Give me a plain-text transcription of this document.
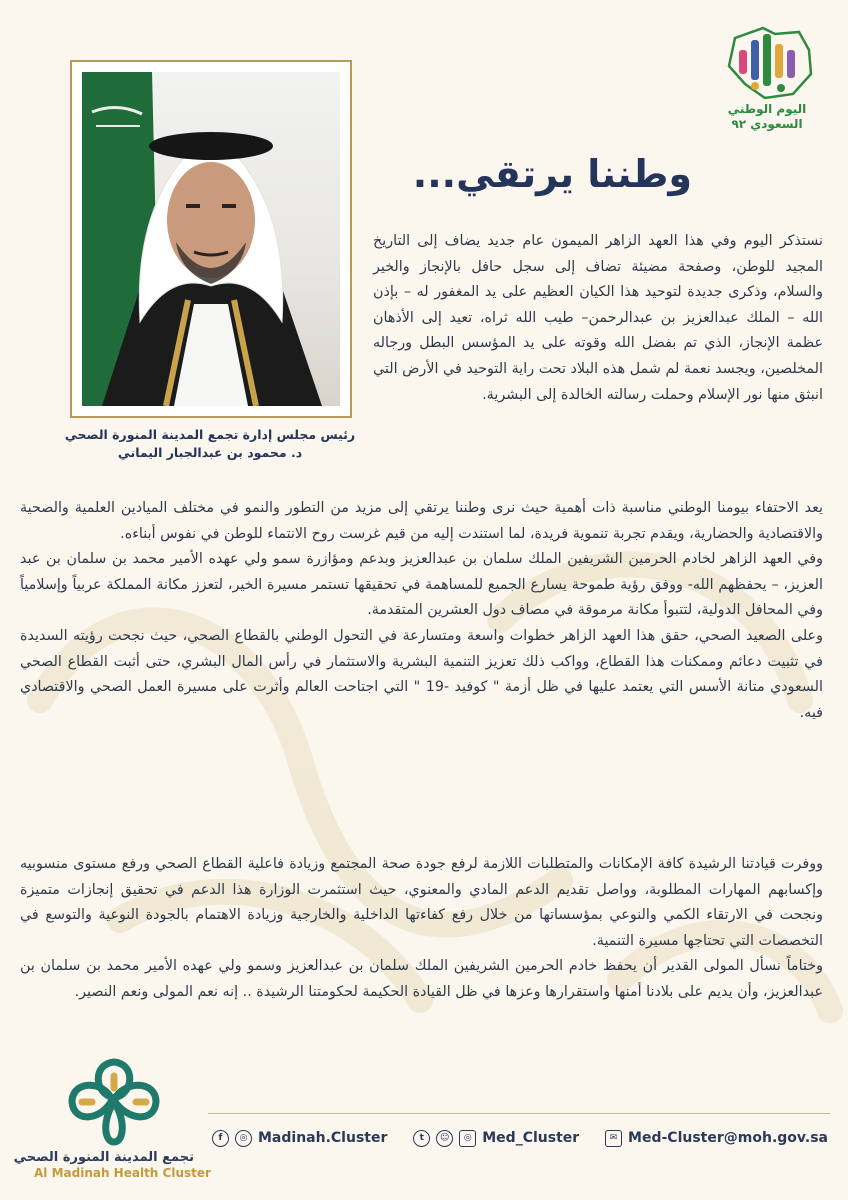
اليوم الوطني
السعودي ٩٢
وطننا يرتقي...
رئيس مجلس إدارة تجمع المدينة المنورة الصحي
د. محمود بن عبدالجبار اليماني
نستذكر اليوم وفي هذا العهد الزاهر الميمون عام جديد يضاف إلى التاريخ المجيد للوطن، وصفحة مضيئة تضاف إلى سجل حافل بالإنجاز والخير والسلام، وذكرى جديدة لتوحيد هذا الكيان العظيم على يد المغفور له – بإذن الله – الملك عبدالعزيز بن عبدالرحمن– طيب الله ثراه، تعيد إلى الأذهان عظمة الإنجاز، الذي تم بفضل الله وقوته على يد المؤسس البطل ورجاله المخلصين، ويجسد نعمة لم شمل هذه البلاد تحت راية التوحيد في الأرض التي انبثق منها نور الإسلام وحملت رسالته الخالدة إلى البشرية.
يعد الاحتفاء بيومنا الوطني مناسبة ذات أهمية حيث نرى وطننا يرتقي إلى مزيد من التطور والنمو في مختلف الميادين العلمية والصحية والاقتصادية والحضارية، ويقدم تجربة تنموية فريدة، لما استندت إليه من قيم غرست روح الانتماء للوطن في نفوس أبناءه.
وفي العهد الزاهر لخادم الحرمين الشريفين الملك سلمان بن عبدالعزيز وبدعم ومؤازرة سمو ولي عهده الأمير محمد بن سلمان بن عبد العزيز، – يحفظهم الله- ووفق رؤية طموحة يسارع الجميع للمساهمة في تحقيقها تستمر مسيرة الخير، لتعزز مكانة المملكة عربياً وإسلامياً وفي المحافل الدولية، لتتبوأ مكانة مرموقة في مصاف دول العشرين المتقدمة.
وعلى الصعيد الصحي، حقق هذا العهد الزاهر خطوات واسعة ومتسارعة في التحول الوطني بالقطاع الصحي، حيث نجحت رؤيته السديدة في تثبيت دعائم وممكنات هذا القطاع، وواكب ذلك تعزيز التنمية البشرية والاستثمار في رأس المال البشري، حتى أثبت القطاع الصحي السعودي متانة الأسس التي يعتمد عليها في ظل أزمة " كوفيد -19 " التي اجتاحت العالم وأثرت على مسيرة العمل الصحي والاقتصادي فيه.
ووفرت قيادتنا الرشيدة كافة الإمكانات والمتطلبات اللازمة لرفع جودة صحة المجتمع وزيادة فاعلية القطاع الصحي ورفع مستوى منسوبيه وإكسابهم المهارات المطلوبة، وواصل تقديم الدعم المادي والمعنوي، حيث استثمرت الوزارة هذا الدعم في تحقيق إنجازات متميزة ونجحت في الارتقاء الكمي والنوعي بمؤسساتها من خلال رفع كفاءتها الداخلية والخارجية وزيادة الاهتمام بالجودة النوعية والتوسع في التخصصات التي تحتاجها مسيرة التنمية.
وختاماً نسأل المولى القدير أن يحفظ خادم الحرمين الشريفين الملك سلمان بن عبدالعزيز وسمو ولي عهده الأمير محمد بن سلمان بن عبدالعزيز، وأن يديم على بلادنا أمنها واستقرارها وعزها في ظل القيادة الحكيمة لحكومتنا الرشيدة .. إنه نعم المولى ونعم النصير.
تجمع المدينة المنورة الصحي
Al Madinah Health Cluster
f	◎ Madinah.Cluster	t	☺	◎ Med_Cluster	✉ Med-Cluster@moh.gov.sa
